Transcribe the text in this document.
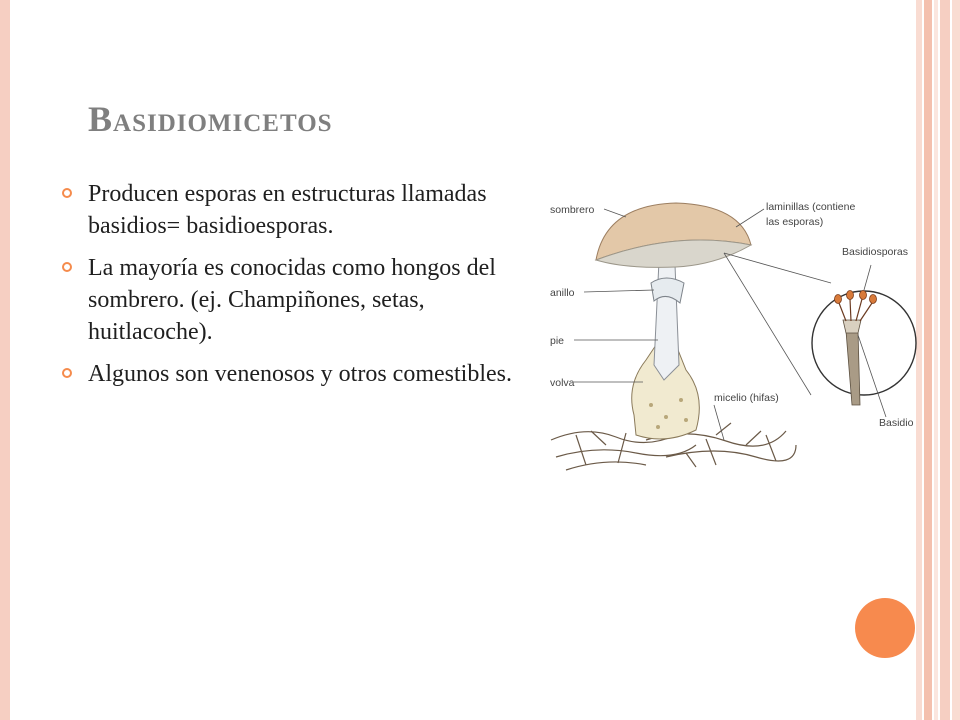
Basidiomicetos
Producen esporas en estructuras llamadas basidios= basidioesporas.
La mayoría es conocidas como hongos del sombrero. (ej. Champiñones, setas, huitlacoche).
Algunos son venenosos y otros comestibles.
sombrero	laminillas (contiene
las esporas)
Basidiosporas
anillo
pie
volva
micelio (hifas)
Basidio
